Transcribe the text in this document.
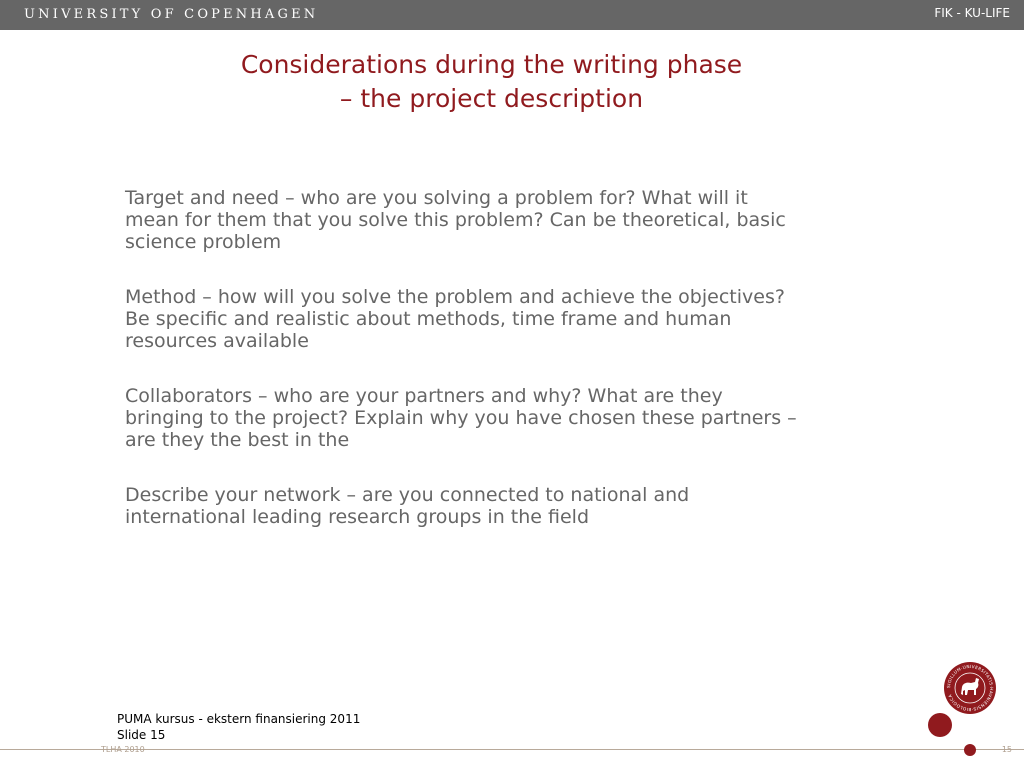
UNIVERSITY OF COPENHAGEN	FIK - KU-LIFE
Considerations during the writing phase
– the project description
Target and need – who are you solving a problem for? What will it
mean for them that you solve this problem? Can be theoretical, basic
science problem
Method – how will you solve the problem and achieve the objectives?
Be specific and realistic about methods, time frame and human
resources available
Collaborators – who are your partners and why? What are they
bringing to the project? Explain why you have chosen these partners –
are they the best in the
Describe your network – are you connected to national and
international leading research groups in the field
PUMA kursus - ekstern finansiering 2011
Slide 15
TLHA 2010	15
SIGILLUM·UNIVERSITATIS·HAVNIENSIS·BIOLOGICA
